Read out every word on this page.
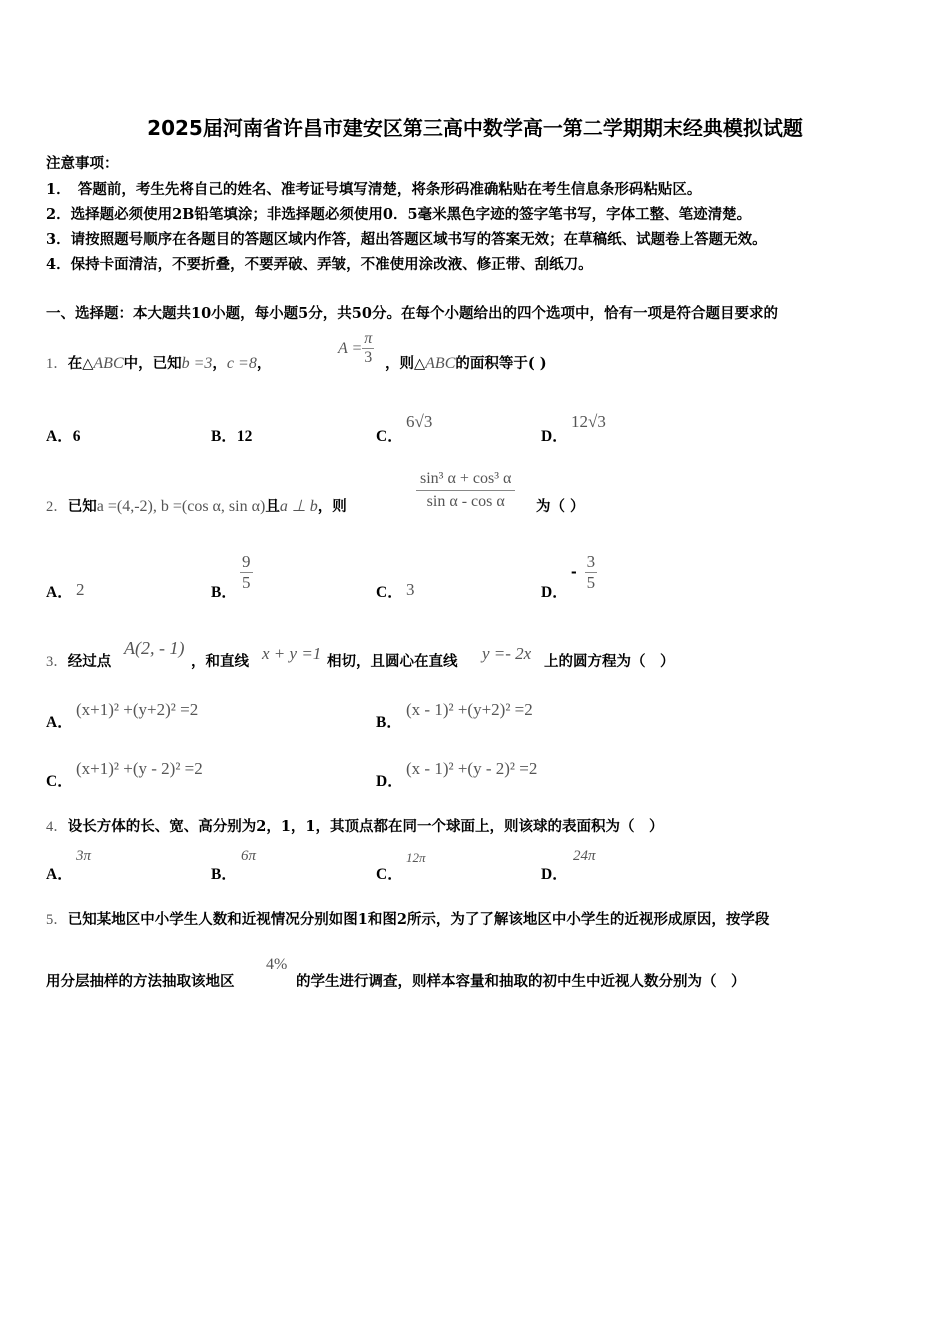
2025届河南省许昌市建安区第三高中数学高一第二学期期末经典模拟试题
注意事项：
1．　答题前，考生先将自己的姓名、准考证号填写清楚，将条形码准确粘贴在考生信息条形码粘贴区。
2．选择题必须使用2B铅笔填涂；非选择题必须使用0．5毫米黑色字迹的签字笔书写，字体工整、笔迹清楚。
3．请按照题号顺序在各题目的答题区域内作答，超出答题区域书写的答案无效；在草稿纸、试题卷上答题无效。
4．保持卡面清洁，不要折叠，不要弄破、弄皱，不准使用涂改液、修正带、刮纸刀。
一、选择题：本大题共10小题，每小题5分，共50分。在每个小题给出的四个选项中，恰有一项是符合题目要求的
1．在△ABC中，已知b =3，c =8，
$A = \frac{\pi}{3}$ ，则△ABC的面积等于( )
A．6	B．12	C．
6√3
D．
12√3
2．已知a =(4,-2), b =(cos α, sin α)且a ⊥ b，则	$\frac{\text{sin³ α + cos³ α}}{\text{sin α - cos α}}$ 为（ ）
A． 2	B．
$\frac{9}{5}$
C． 3	D．
- $\frac{3}{5}$
3．经过点
A(2, - 1)
，和直线 x + y =1 相切，且圆心在直线 y =- 2x 上的圆方程为（　）
A．
(x+1)² +(y+2)² =2
B．
(x - 1)² +(y+2)² =2
C．
(x+1)² +(y - 2)² =2
D．
(x - 1)² +(y - 2)² =2
4．设长方体的长、宽、高分别为2，1，1，其顶点都在同一个球面上，则该球的表面积为（　）
A．
3π
B．
6π
C．
12π
D．
24π
5．已知某地区中小学生人数和近视情况分别如图1和图2所示，为了了解该地区中小学生的近视形成原因，按学段
用分层抽样的方法抽取该地区
4%
的学生进行调查，则样本容量和抽取的初中生中近视人数分别为（　）
